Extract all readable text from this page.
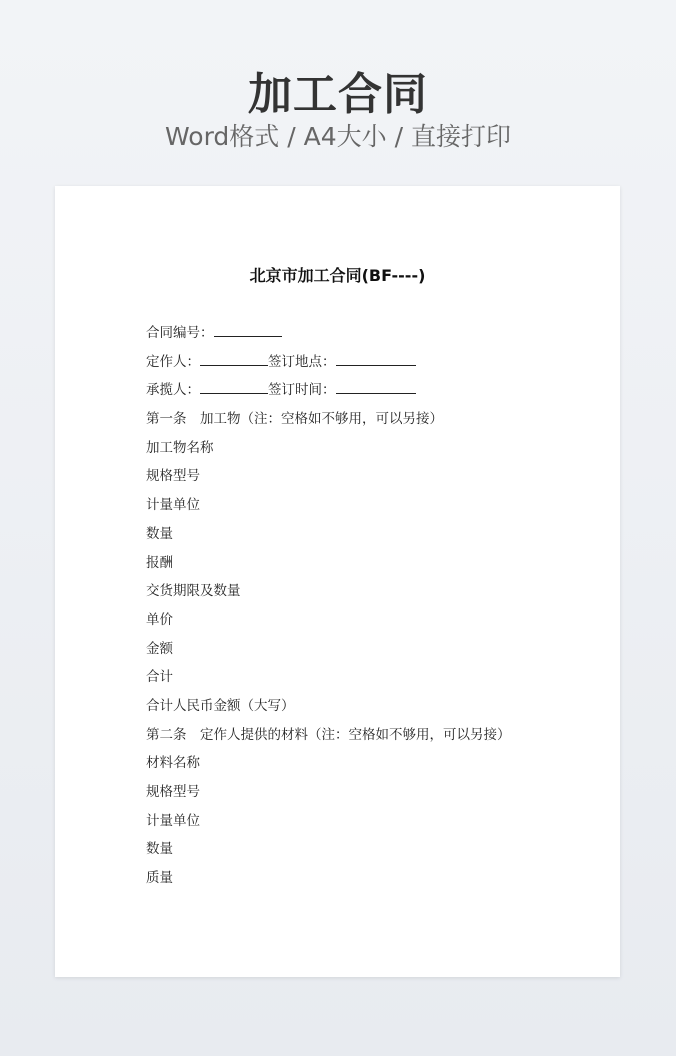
加工合同
Word格式 / A4大小 / 直接打印
北京市加工合同(BF----)
合同编号：
定作人：	签订地点：
承揽人：	签订时间：
第一条　加工物（注：空格如不够用，可以另接）
加工物名称
规格型号
计量单位
数量
报酬
交货期限及数量
单价
金额
合计
合计人民币金额（大写）
第二条　定作人提供的材料（注：空格如不够用，可以另接）
材料名称
规格型号
计量单位
数量
质量
